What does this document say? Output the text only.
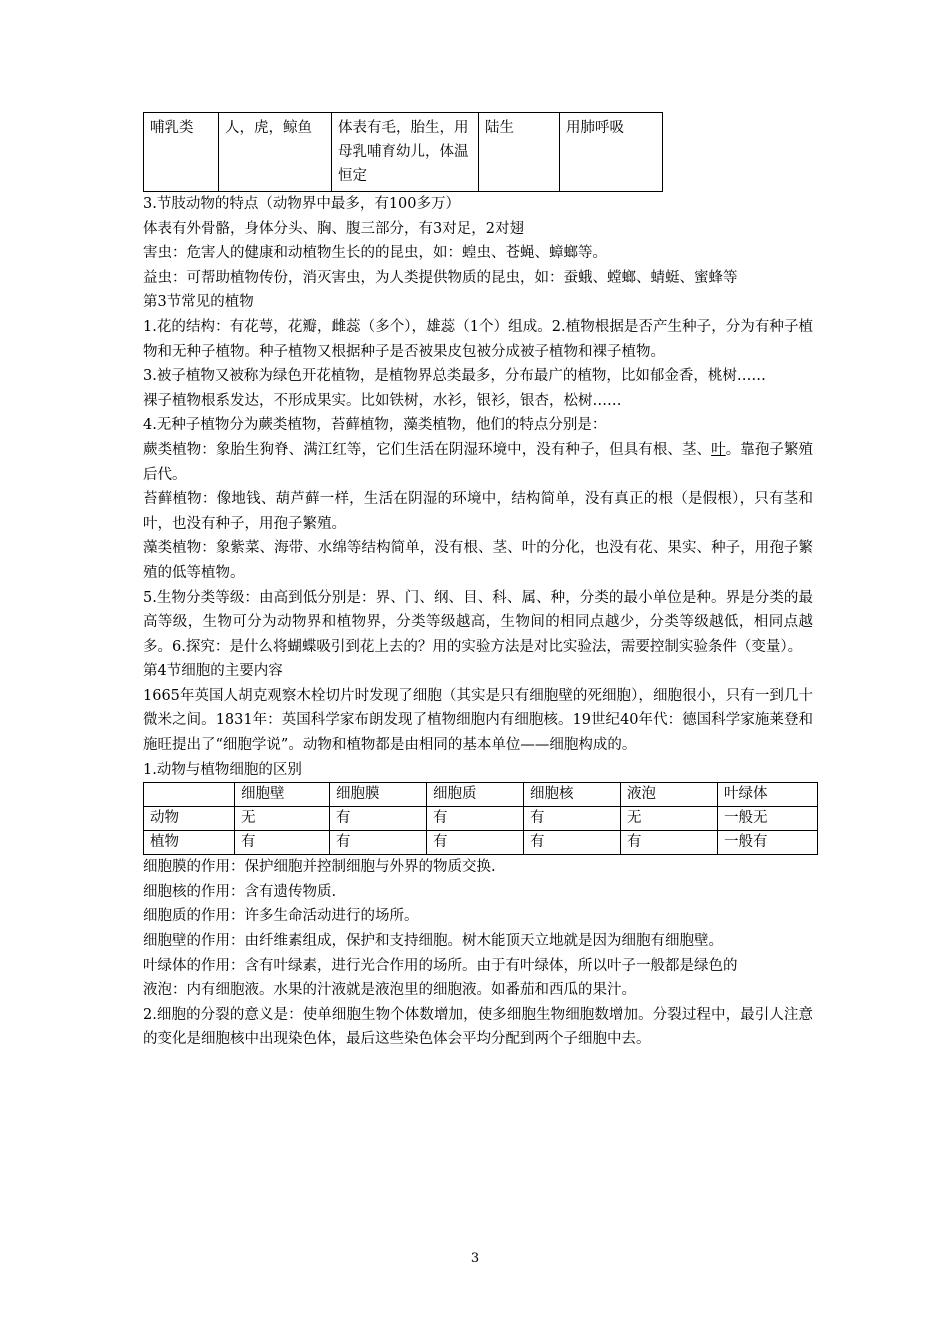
哺乳类	人，虎，鲸鱼	体表有毛，胎生，用母乳哺育幼儿，体温恒定	陆生	用肺呼吸

3.节肢动物的特点（动物界中最多，有100多万）

体表有外骨骼，身体分头、胸、腹三部分，有3对足，2对翅

害虫：危害人的健康和动植物生长的的昆虫，如：蝗虫、苍蝇、蟑螂等。

益虫：可帮助植物传份，消灭害虫，为人类提供物质的昆虫，如：蚕蛾、螳螂、蜻蜓、蜜蜂等

第3节常见的植物

1.花的结构：有花萼，花瓣，雌蕊（多个），雄蕊（1个）组成。2.植物根据是否产生种子，分为有种子植物和无种子植物。种子植物又根据种子是否被果皮包被分成被子植物和裸子植物。

3.被子植物又被称为绿色开花植物，是植物界总类最多，分布最广的植物，比如郁金香，桃树……

裸子植物根系发达，不形成果实。比如铁树，水衫，银衫，银杏，松树……

4.无种子植物分为蕨类植物，苔藓植物，藻类植物，他们的特点分别是：

蕨类植物：象胎生狗脊、满江红等，它们生活在阴湿环境中，没有种子，但具有根、茎、叶。靠孢子繁殖后代。

苔藓植物：像地钱、葫芦藓一样，生活在阴湿的环境中，结构简单，没有真正的根（是假根），只有茎和叶，也没有种子，用孢子繁殖。

藻类植物：象紫菜、海带、水绵等结构简单，没有根、茎、叶的分化，也没有花、果实、种子，用孢子繁殖的低等植物。

5.生物分类等级：由高到低分别是：界、门、纲、目、科、属、种，分类的最小单位是种。界是分类的最高等级，生物可分为动物界和植物界，分类等级越高，生物间的相同点越少，分类等级越低，相同点越多。6.探究：是什么将蝴蝶吸引到花上去的？用的实验方法是对比实验法，需要控制实验条件（变量）。

第4节细胞的主要内容

1665年英国人胡克观察木栓切片时发现了细胞（其实是只有细胞壁的死细胞），细胞很小，只有一到几十微米之间。1831年：英国科学家布朗发现了植物细胞内有细胞核。19世纪40年代：德国科学家施莱登和施旺提出了“细胞学说”。动物和植物都是由相同的基本单位——细胞构成的。

1.动物与植物细胞的区别

	细胞壁	细胞膜	细胞质	细胞核	液泡	叶绿体
动物	无	有	有	有	无	一般无
植物	有	有	有	有	有	一般有

细胞膜的作用：保护细胞并控制细胞与外界的物质交换.

细胞核的作用：含有遗传物质.

细胞质的作用：许多生命活动进行的场所。

细胞壁的作用：由纤维素组成，保护和支持细胞。树木能顶天立地就是因为细胞有细胞壁。

叶绿体的作用：含有叶绿素，进行光合作用的场所。由于有叶绿体，所以叶子一般都是绿色的

液泡：内有细胞液。水果的汁液就是液泡里的细胞液。如番茄和西瓜的果汁。

2.细胞的分裂的意义是：使单细胞生物个体数增加，使多细胞生物细胞数增加。分裂过程中，最引人注意的变化是细胞核中出现染色体，最后这些染色体会平均分配到两个子细胞中去。

3
